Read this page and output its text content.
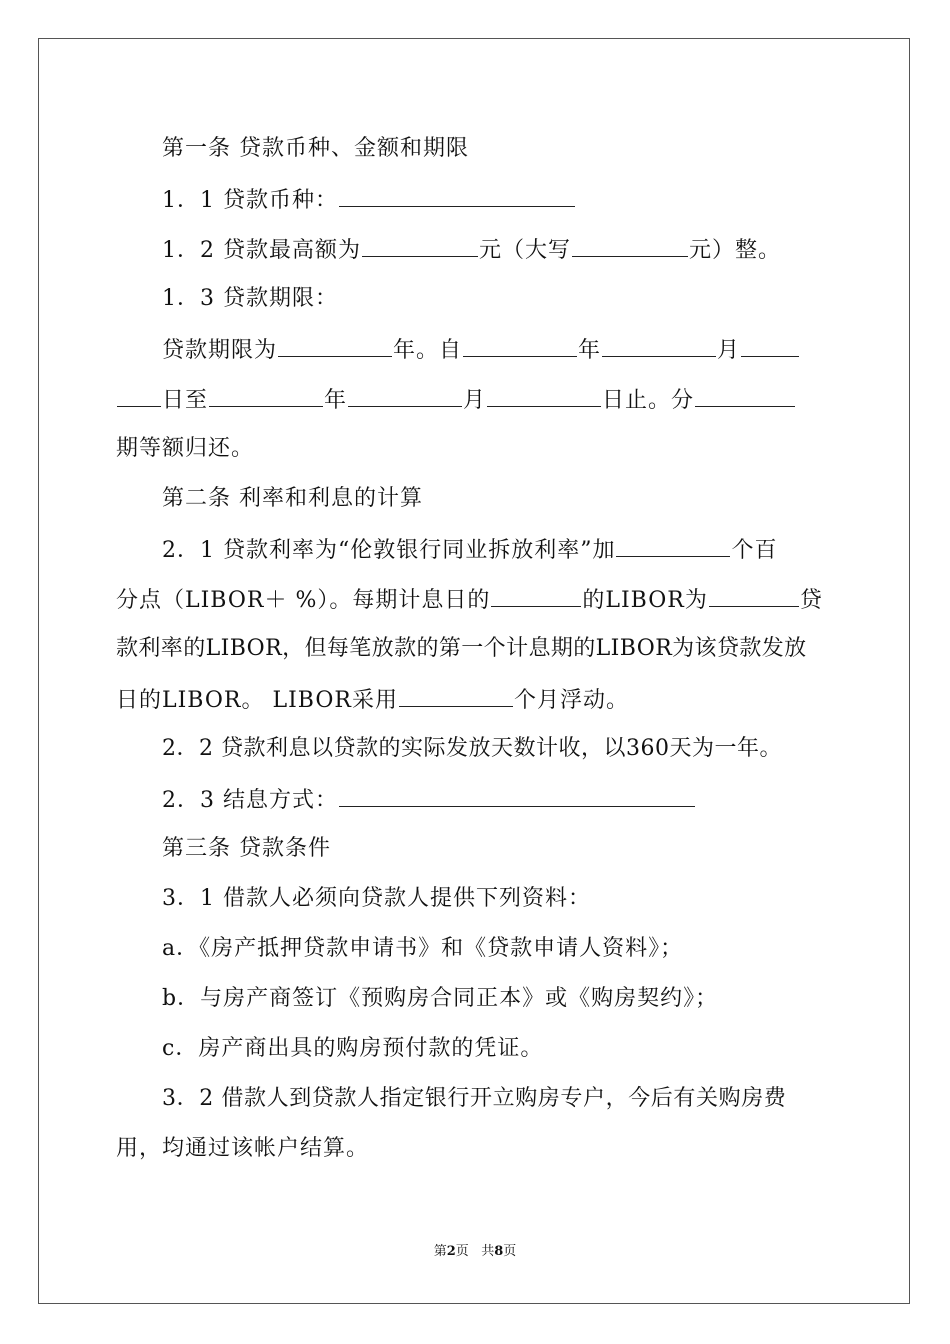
第一条 贷款币种、金额和期限
1．1 贷款币种：
1．2 贷款最高额为	元（大写	元）整。
1．3 贷款期限：
贷款期限为	年。自	年	月
日至	年	月	日止。分
期等额归还。
第二条 利率和利息的计算
2．1 贷款利率为“伦敦银行同业拆放利率”加	个百
分点（LIBOR＋ %）。每期计息日的	的LIBOR为	贷
款利率的LIBOR，但每笔放款的第一个计息期的LIBOR为该贷款发放
日的LIBOR。 LIBOR采用	个月浮动。
2．2 贷款利息以贷款的实际发放天数计收，以360天为一年。
2．3 结息方式：
第三条 贷款条件
3．1 借款人必须向贷款人提供下列资料：
a．《房产抵押贷款申请书》和《贷款申请人资料》；
b．与房产商签订《预购房合同正本》或《购房契约》；
c．房产商出具的购房预付款的凭证。
3．2 借款人到贷款人指定银行开立购房专户，今后有关购房费
用，均通过该帐户结算。
第2页 共8页
